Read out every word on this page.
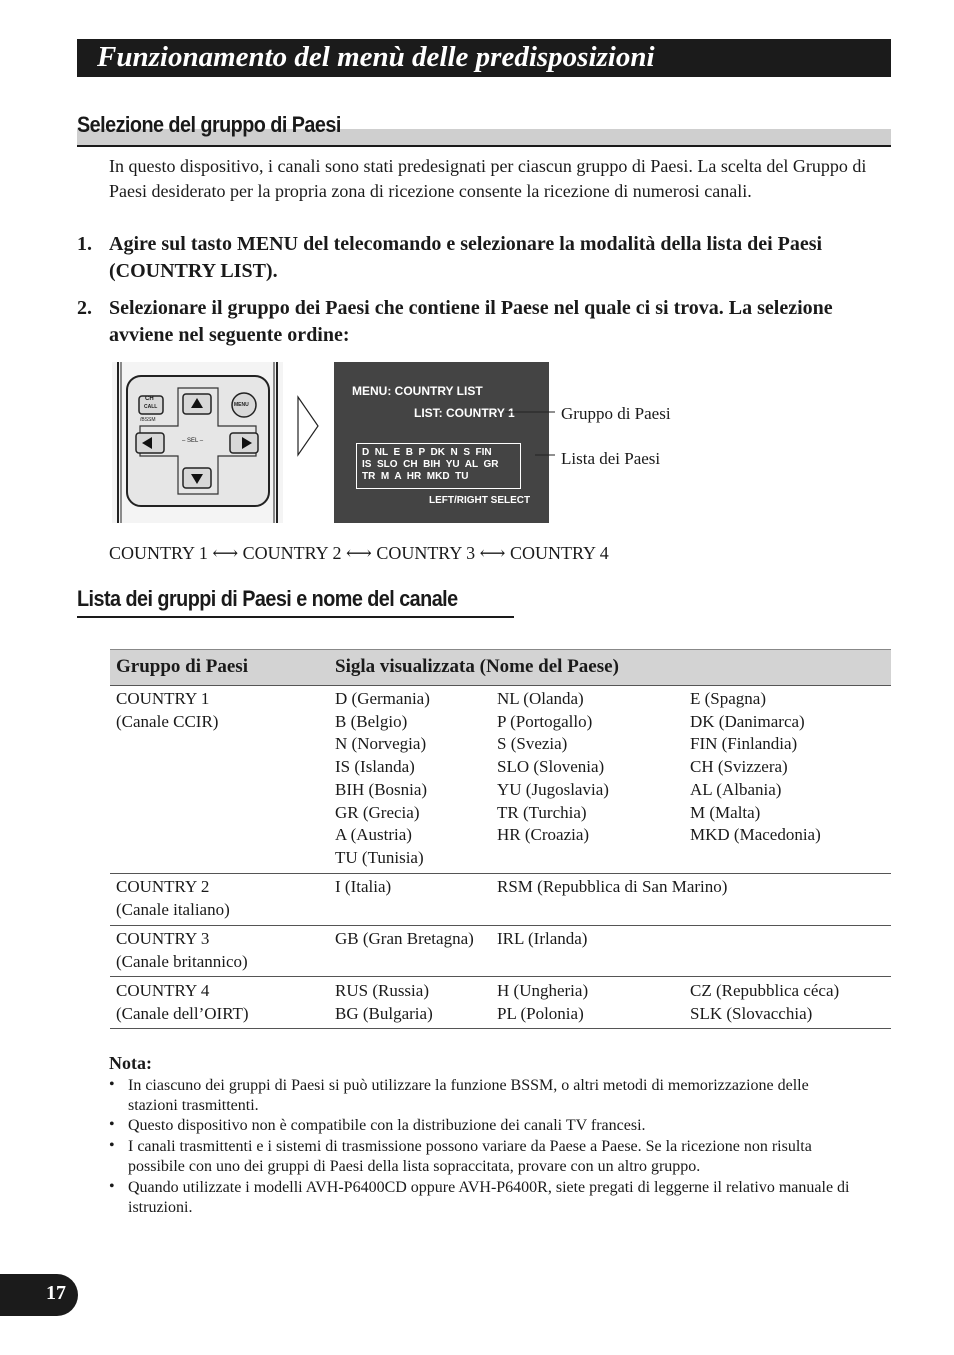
Funzionamento del menù delle predisposizioni
Selezione del gruppo di Paesi
In questo dispositivo, i canali sono stati predesignati per ciascun gruppo di Paesi. La scelta del Gruppo di Paesi desiderato per la propria zona di ricezione consente la ricezione di numerosi canali.
1. Agire sul tasto MENU del telecomando e selezionare la modalità della lista dei Paesi (COUNTRY LIST).
2. Selezionare il gruppo dei Paesi che contiene il Paese nel quale ci si trova. La selezione avviene nel seguente ordine:
CH
CALL
/BSSM
– SEL –
MENU
MENU: COUNTRY LIST
LIST: COUNTRY 1
D  NL  E  B  P  DK  N  S  FIN
IS  SLO  CH  BIH  YU  AL  GR
TR  M  A  HR  MKD  TU
LEFT/RIGHT SELECT
Gruppo di Paesi
Lista dei Paesi
COUNTRY 1 ⟷ COUNTRY 2 ⟷ COUNTRY 3 ⟷ COUNTRY 4
Lista dei gruppi di Paesi e nome del canale
Gruppo di Paesi	Sigla visualizzata (Nome del Paese)
COUNTRY 1
(Canale CCIR)
D (Germania)
B (Belgio)
N (Norvegia)
IS (Islanda)
BIH (Bosnia)
GR (Grecia)
A (Austria)
TU (Tunisia)
NL (Olanda)
P (Portogallo)
S (Svezia)
SLO (Slovenia)
YU (Jugoslavia)
TR (Turchia)
HR (Croazia)
E (Spagna)
DK (Danimarca)
FIN (Finlandia)
CH (Svizzera)
AL (Albania)
M (Malta)
MKD (Macedonia)
COUNTRY 2
(Canale italiano)
I (Italia)	RSM (Repubblica di San Marino)
COUNTRY 3
(Canale britannico)
GB (Gran Bretagna) IRL (Irlanda)
COUNTRY 4
(Canale dell’OIRT)
RUS (Russia)
BG (Bulgaria)
H (Ungheria)
PL (Polonia)
CZ (Repubblica céca)
SLK (Slovacchia)
Nota:
• In ciascuno dei gruppi di Paesi si può utilizzare la funzione BSSM, o altri metodi di memorizzazione delle stazioni trasmittenti.
• Questo dispositivo non è compatibile con la distribuzione dei canali TV francesi.
• I canali trasmittenti e i sistemi di trasmissione possono variare da Paese a Paese. Se la ricezione non risulta possibile con uno dei gruppi di Paesi della lista sopraccitata, provare con un altro gruppo.
• Quando utilizzate i modelli AVH-P6400CD oppure AVH-P6400R, siete pregati di leggerne il relativo manuale di istruzioni.
17
